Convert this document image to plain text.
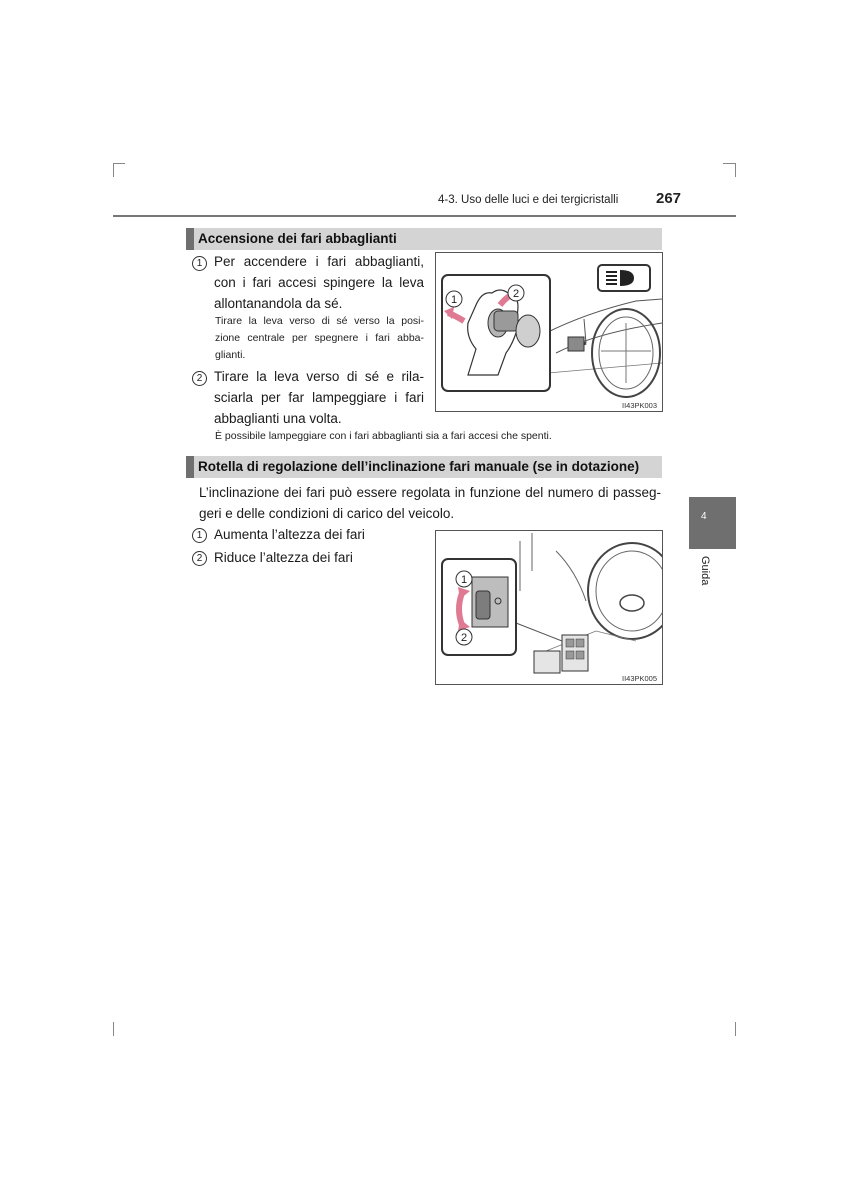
4-3. Uso delle luci e dei tergicristalli	267
4
Guida
Accensione dei fari abbaglianti
1 Per accendere i fari abbaglianti,
con i fari accesi spingere la leva
allontanandola da sé.
Tirare la leva verso di sé verso la posi-
zione centrale per spegnere i fari abba-
glianti.
2 Tirare la leva verso di sé e rila-
sciarla per far lampeggiare i fari
abbaglianti una volta.
È possibile lampeggiare con i fari abbaglianti sia a fari accesi che spenti.
1	2
II43PK003
Rotella di regolazione dell’inclinazione fari manuale (se in dotazione)
L’inclinazione dei fari può essere regolata in funzione del numero di passeg-
geri e delle condizioni di carico del veicolo.
1 Aumenta l’altezza dei fari
2 Riduce l’altezza dei fari
1
2
II43PK005
